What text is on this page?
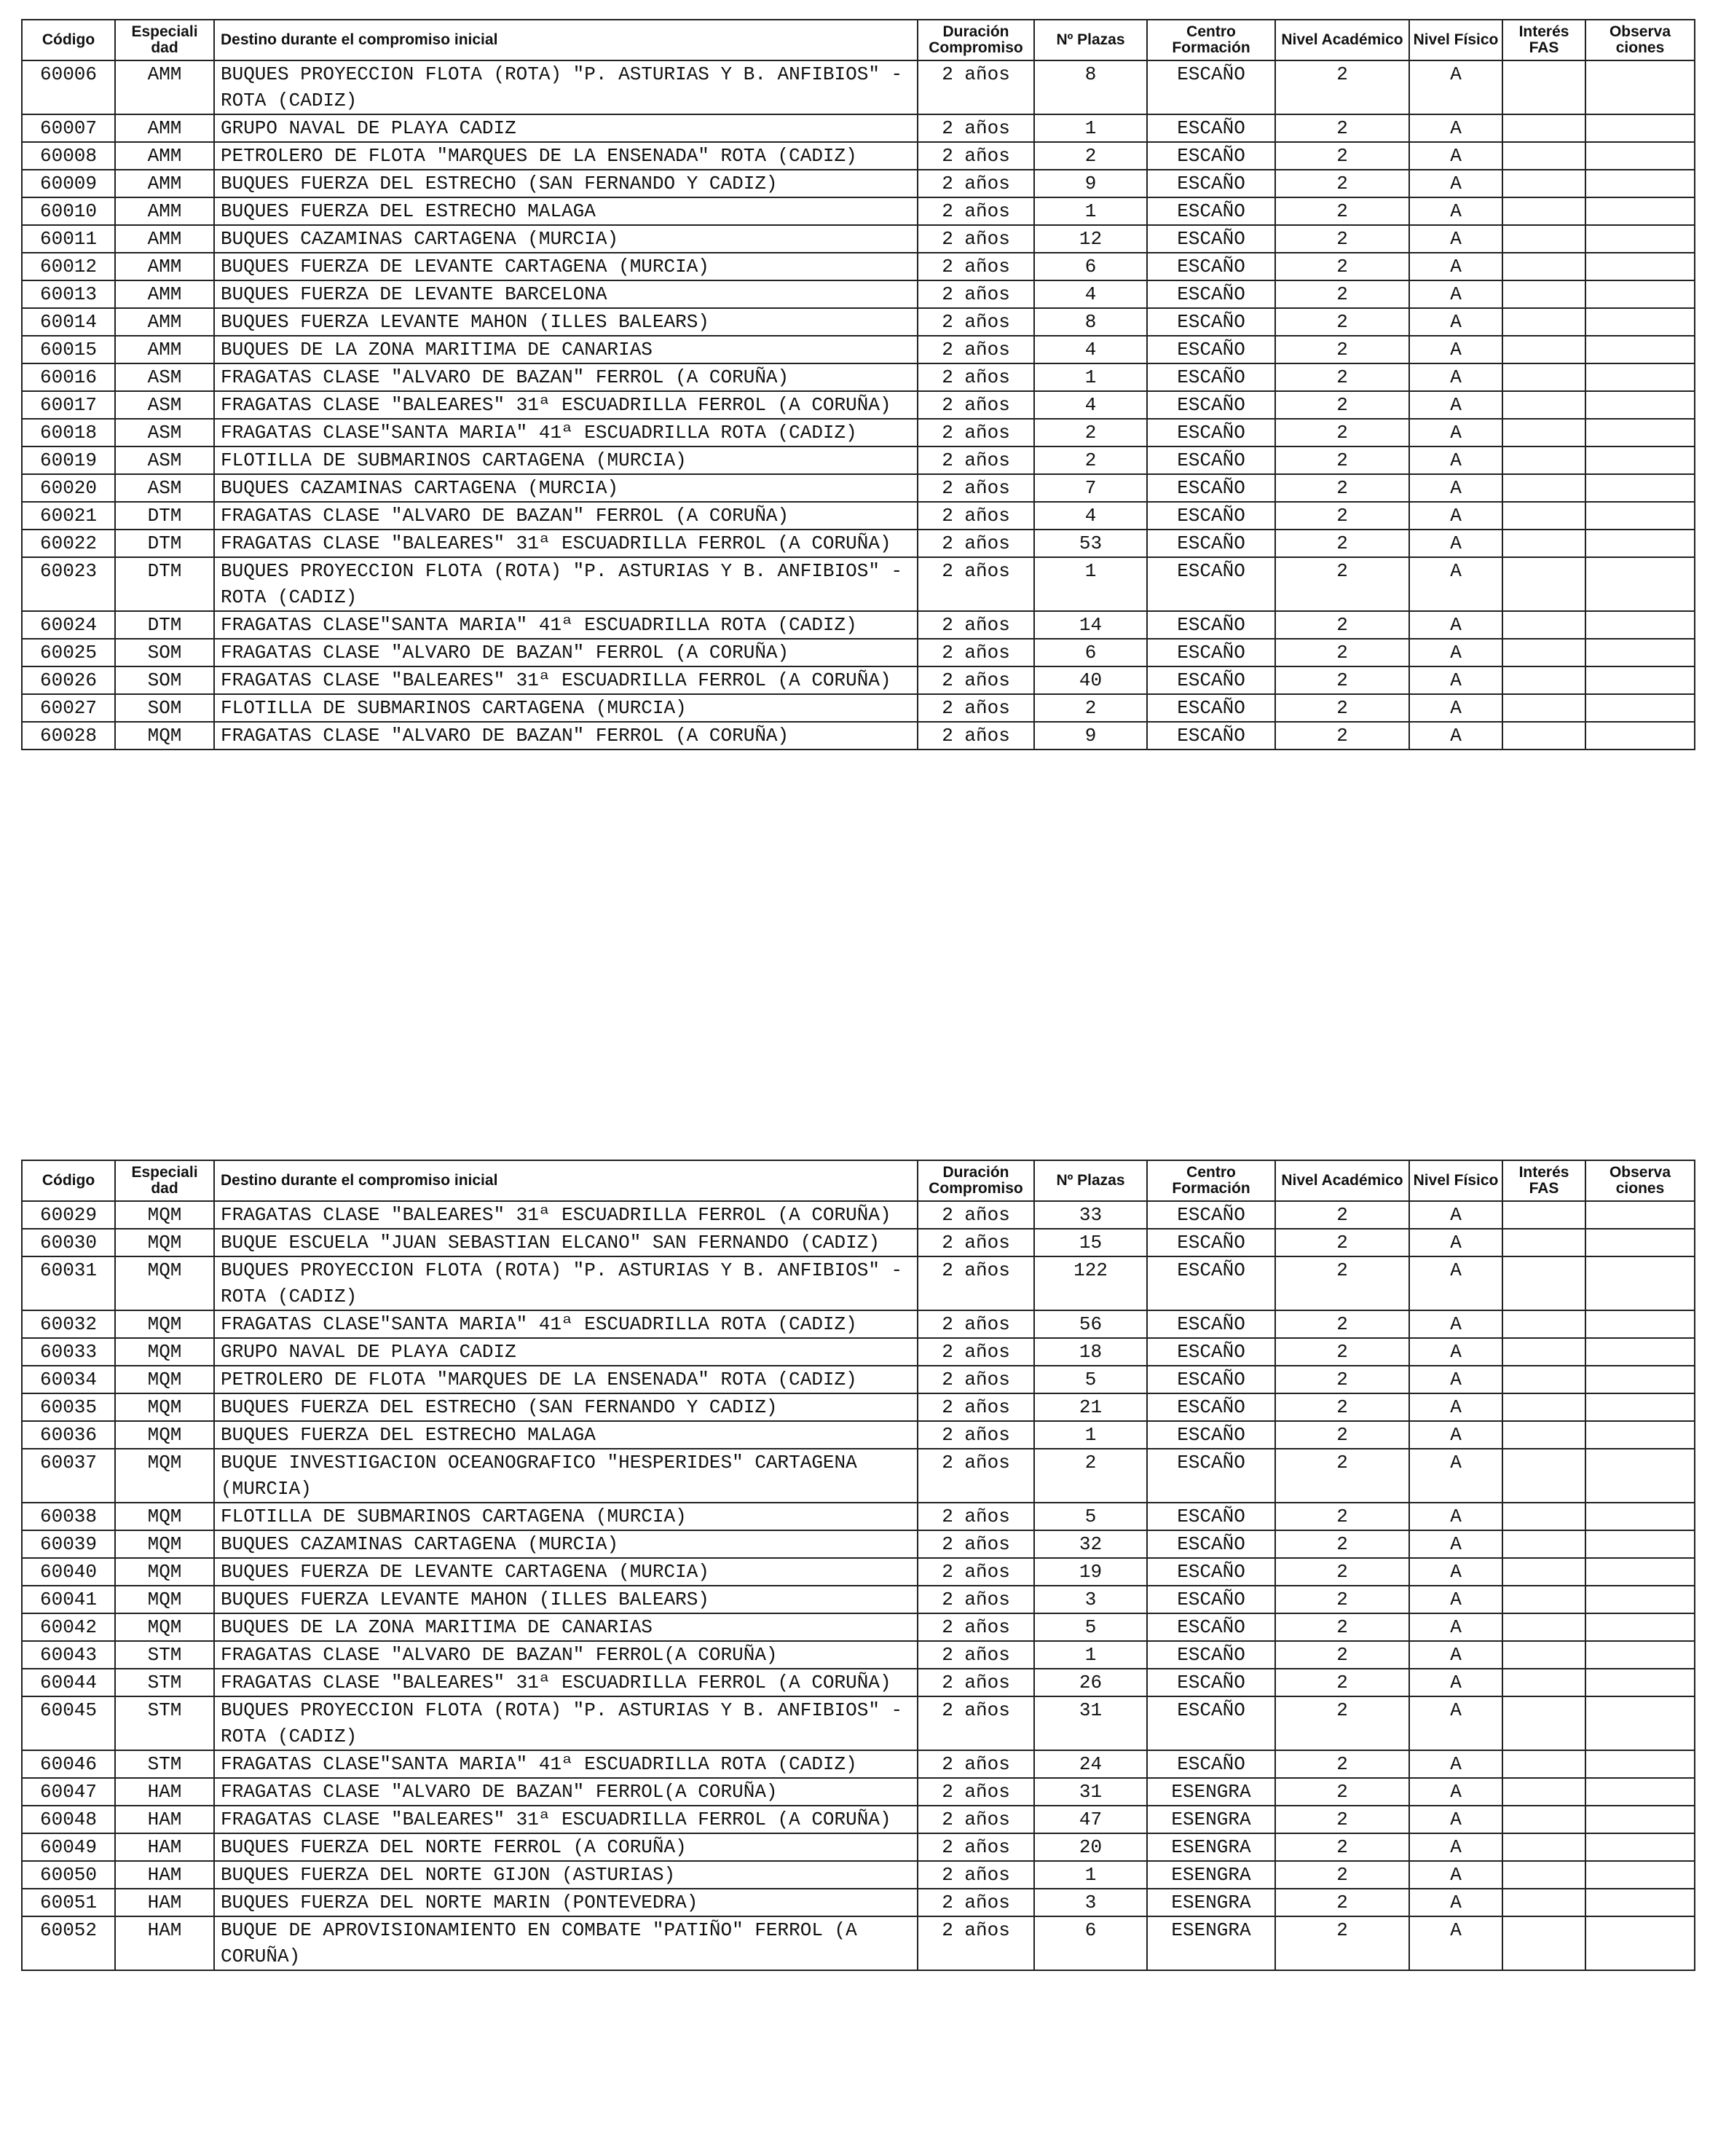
Código	Especiali dad	Destino durante el compromiso inicial	Duración Compromiso	Nº Plazas	Centro Formación	Nivel Académico	Nivel Físico	Interés FAS	Observa ciones
60006	AMM	BUQUES PROYECCION FLOTA (ROTA) "P. ASTURIAS Y B. ANFIBIOS" - ROTA (CADIZ)	2 años	8	ESCAÑO	2	A		
60007	AMM	GRUPO NAVAL DE PLAYA CADIZ	2 años	1	ESCAÑO	2	A		
60008	AMM	PETROLERO DE FLOTA "MARQUES DE LA ENSENADA" ROTA (CADIZ)	2 años	2	ESCAÑO	2	A		
60009	AMM	BUQUES FUERZA DEL ESTRECHO (SAN FERNANDO Y CADIZ)	2 años	9	ESCAÑO	2	A		
60010	AMM	BUQUES FUERZA DEL ESTRECHO MALAGA	2 años	1	ESCAÑO	2	A		
60011	AMM	BUQUES CAZAMINAS CARTAGENA (MURCIA)	2 años	12	ESCAÑO	2	A		
60012	AMM	BUQUES FUERZA DE LEVANTE CARTAGENA (MURCIA)	2 años	6	ESCAÑO	2	A		
60013	AMM	BUQUES FUERZA DE LEVANTE BARCELONA	2 años	4	ESCAÑO	2	A		
60014	AMM	BUQUES FUERZA LEVANTE MAHON (ILLES BALEARS)	2 años	8	ESCAÑO	2	A		
60015	AMM	BUQUES DE LA ZONA MARITIMA DE CANARIAS	2 años	4	ESCAÑO	2	A		
60016	ASM	FRAGATAS CLASE "ALVARO DE BAZAN" FERROL (A CORUÑA)	2 años	1	ESCAÑO	2	A		
60017	ASM	FRAGATAS CLASE "BALEARES" 31ª ESCUADRILLA FERROL (A CORUÑA)	2 años	4	ESCAÑO	2	A		
60018	ASM	FRAGATAS CLASE"SANTA MARIA" 41ª ESCUADRILLA ROTA (CADIZ)	2 años	2	ESCAÑO	2	A		
60019	ASM	FLOTILLA DE SUBMARINOS CARTAGENA (MURCIA)	2 años	2	ESCAÑO	2	A		
60020	ASM	BUQUES CAZAMINAS CARTAGENA (MURCIA)	2 años	7	ESCAÑO	2	A		
60021	DTM	FRAGATAS CLASE "ALVARO DE BAZAN" FERROL (A CORUÑA)	2 años	4	ESCAÑO	2	A		
60022	DTM	FRAGATAS CLASE "BALEARES" 31ª ESCUADRILLA FERROL (A CORUÑA)	2 años	53	ESCAÑO	2	A		
60023	DTM	BUQUES PROYECCION FLOTA (ROTA) "P. ASTURIAS Y B. ANFIBIOS" - ROTA (CADIZ)	2 años	1	ESCAÑO	2	A		
60024	DTM	FRAGATAS CLASE"SANTA MARIA" 41ª ESCUADRILLA ROTA (CADIZ)	2 años	14	ESCAÑO	2	A		
60025	SOM	FRAGATAS CLASE "ALVARO DE BAZAN" FERROL (A CORUÑA)	2 años	6	ESCAÑO	2	A		
60026	SOM	FRAGATAS CLASE "BALEARES" 31ª ESCUADRILLA FERROL (A CORUÑA)	2 años	40	ESCAÑO	2	A		
60027	SOM	FLOTILLA DE SUBMARINOS CARTAGENA (MURCIA)	2 años	2	ESCAÑO	2	A		
60028	MQM	FRAGATAS CLASE "ALVARO DE BAZAN" FERROL (A CORUÑA)	2 años	9	ESCAÑO	2	A		
Código	Especiali dad	Destino durante el compromiso inicial	Duración Compromiso	Nº Plazas	Centro Formación	Nivel Académico	Nivel Físico	Interés FAS	Observa ciones
60029	MQM	FRAGATAS CLASE "BALEARES" 31ª ESCUADRILLA FERROL (A CORUÑA)	2 años	33	ESCAÑO	2	A		
60030	MQM	BUQUE ESCUELA "JUAN SEBASTIAN ELCANO" SAN FERNANDO (CADIZ)	2 años	15	ESCAÑO	2	A		
60031	MQM	BUQUES PROYECCION FLOTA (ROTA) "P. ASTURIAS Y B. ANFIBIOS" - ROTA (CADIZ)	2 años	122	ESCAÑO	2	A		
60032	MQM	FRAGATAS CLASE"SANTA MARIA" 41ª ESCUADRILLA ROTA (CADIZ)	2 años	56	ESCAÑO	2	A		
60033	MQM	GRUPO NAVAL DE PLAYA CADIZ	2 años	18	ESCAÑO	2	A		
60034	MQM	PETROLERO DE FLOTA "MARQUES DE LA ENSENADA" ROTA (CADIZ)	2 años	5	ESCAÑO	2	A		
60035	MQM	BUQUES FUERZA DEL ESTRECHO (SAN FERNANDO Y CADIZ)	2 años	21	ESCAÑO	2	A		
60036	MQM	BUQUES FUERZA DEL ESTRECHO MALAGA	2 años	1	ESCAÑO	2	A		
60037	MQM	BUQUE INVESTIGACION OCEANOGRAFICO "HESPERIDES" CARTAGENA (MURCIA)	2 años	2	ESCAÑO	2	A		
60038	MQM	FLOTILLA DE SUBMARINOS CARTAGENA (MURCIA)	2 años	5	ESCAÑO	2	A		
60039	MQM	BUQUES CAZAMINAS CARTAGENA (MURCIA)	2 años	32	ESCAÑO	2	A		
60040	MQM	BUQUES FUERZA DE LEVANTE CARTAGENA (MURCIA)	2 años	19	ESCAÑO	2	A		
60041	MQM	BUQUES FUERZA LEVANTE MAHON (ILLES BALEARS)	2 años	3	ESCAÑO	2	A		
60042	MQM	BUQUES DE LA ZONA MARITIMA DE CANARIAS	2 años	5	ESCAÑO	2	A		
60043	STM	FRAGATAS CLASE "ALVARO DE BAZAN" FERROL(A CORUÑA)	2 años	1	ESCAÑO	2	A		
60044	STM	FRAGATAS CLASE "BALEARES" 31ª ESCUADRILLA FERROL (A CORUÑA)	2 años	26	ESCAÑO	2	A		
60045	STM	BUQUES PROYECCION FLOTA (ROTA) "P. ASTURIAS Y B. ANFIBIOS" - ROTA (CADIZ)	2 años	31	ESCAÑO	2	A		
60046	STM	FRAGATAS CLASE"SANTA MARIA" 41ª ESCUADRILLA ROTA (CADIZ)	2 años	24	ESCAÑO	2	A		
60047	HAM	FRAGATAS CLASE "ALVARO DE BAZAN" FERROL(A CORUÑA)	2 años	31	ESENGRA	2	A		
60048	HAM	FRAGATAS CLASE "BALEARES" 31ª ESCUADRILLA FERROL (A CORUÑA)	2 años	47	ESENGRA	2	A		
60049	HAM	BUQUES FUERZA DEL NORTE FERROL (A CORUÑA)	2 años	20	ESENGRA	2	A		
60050	HAM	BUQUES FUERZA DEL NORTE GIJON (ASTURIAS)	2 años	1	ESENGRA	2	A		
60051	HAM	BUQUES FUERZA DEL NORTE MARIN (PONTEVEDRA)	2 años	3	ESENGRA	2	A		
60052	HAM	BUQUE DE APROVISIONAMIENTO EN COMBATE "PATIÑO" FERROL (A CORUÑA)	2 años	6	ESENGRA	2	A		
